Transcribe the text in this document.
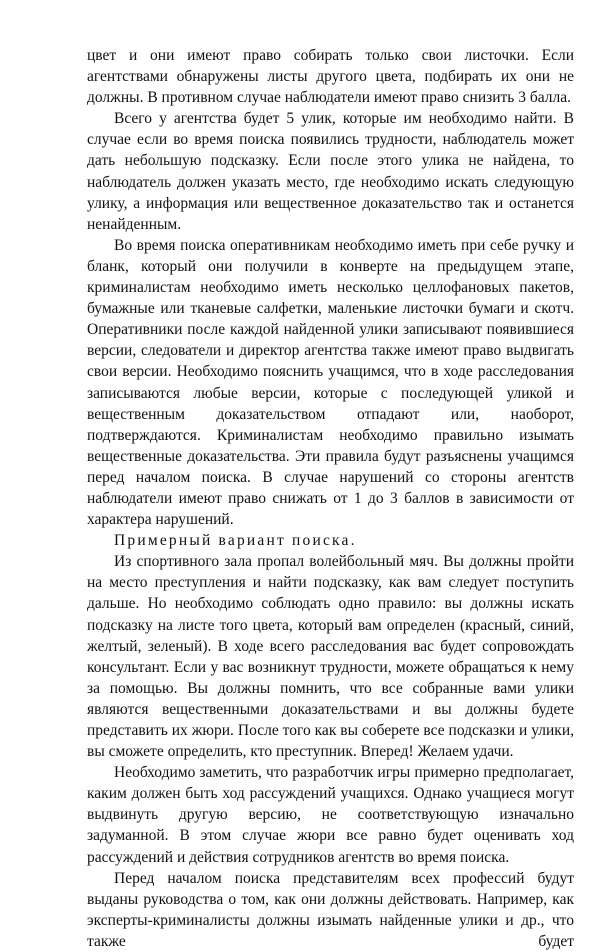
цвет и они имеют право собирать только свои листочки. Если агентствами обнаружены листы другого цвета, подбирать их они не должны. В противном случае наблюдатели имеют право снизить 3 балла.

Всего у агентства будет 5 улик, которые им необходимо найти. В случае если во время поиска появились трудности, наблюдатель может дать небольшую подсказку. Если после этого улика не найдена, то наблюдатель должен указать место, где необходимо искать следующую улику, а информация или вещественное доказательство так и останется ненайденным.

Во время поиска оперативникам необходимо иметь при себе ручку и бланк, который они получили в конверте на предыдущем этапе, криминалистам необходимо иметь несколько целлофановых пакетов, бумажные или тканевые салфетки, маленькие листочки бумаги и скотч. Оперативники после каждой найденной улики записывают появившиеся версии, следователи и директор агентства также имеют право выдвигать свои версии. Необходимо пояснить учащимся, что в ходе расследования записываются любые версии, которые с последующей уликой и вещественным доказательством отпадают или, наоборот, подтверждаются. Криминалистам необходимо правильно изымать вещественные доказательства. Эти правила будут разъяснены учащимся перед началом поиска. В случае нарушений со стороны агентств наблюдатели имеют право снижать от 1 до 3 баллов в зависимости от характера нарушений.

Примерный вариант поиска.

Из спортивного зала пропал волейбольный мяч. Вы должны пройти на место преступления и найти подсказку, как вам следует поступить дальше. Но необходимо соблюдать одно правило: вы должны искать подсказку на листе того цвета, который вам определен (красный, синий, желтый, зеленый). В ходе всего расследования вас будет сопровождать консультант. Если у вас возникнут трудности, можете обращаться к нему за помощью. Вы должны помнить, что все собранные вами улики являются вещественными доказательствами и вы должны будете представить их жюри. После того как вы соберете все подсказки и улики, вы сможете определить, кто преступник. Вперед! Желаем удачи.

Необходимо заметить, что разработчик игры примерно предполагает, каким должен быть ход рассуждений учащихся. Однако учащиеся могут выдвинуть другую версию, не соответствующую изначально задуманной. В этом случае жюри все равно будет оценивать ход рассуждений и действия сотрудников агентств во время поиска.

Перед началом поиска представителям всех профессий будут выданы руководства о том, как они должны действовать. Например, как эксперты-криминалисты должны изымать найденные улики и др., что также будет
